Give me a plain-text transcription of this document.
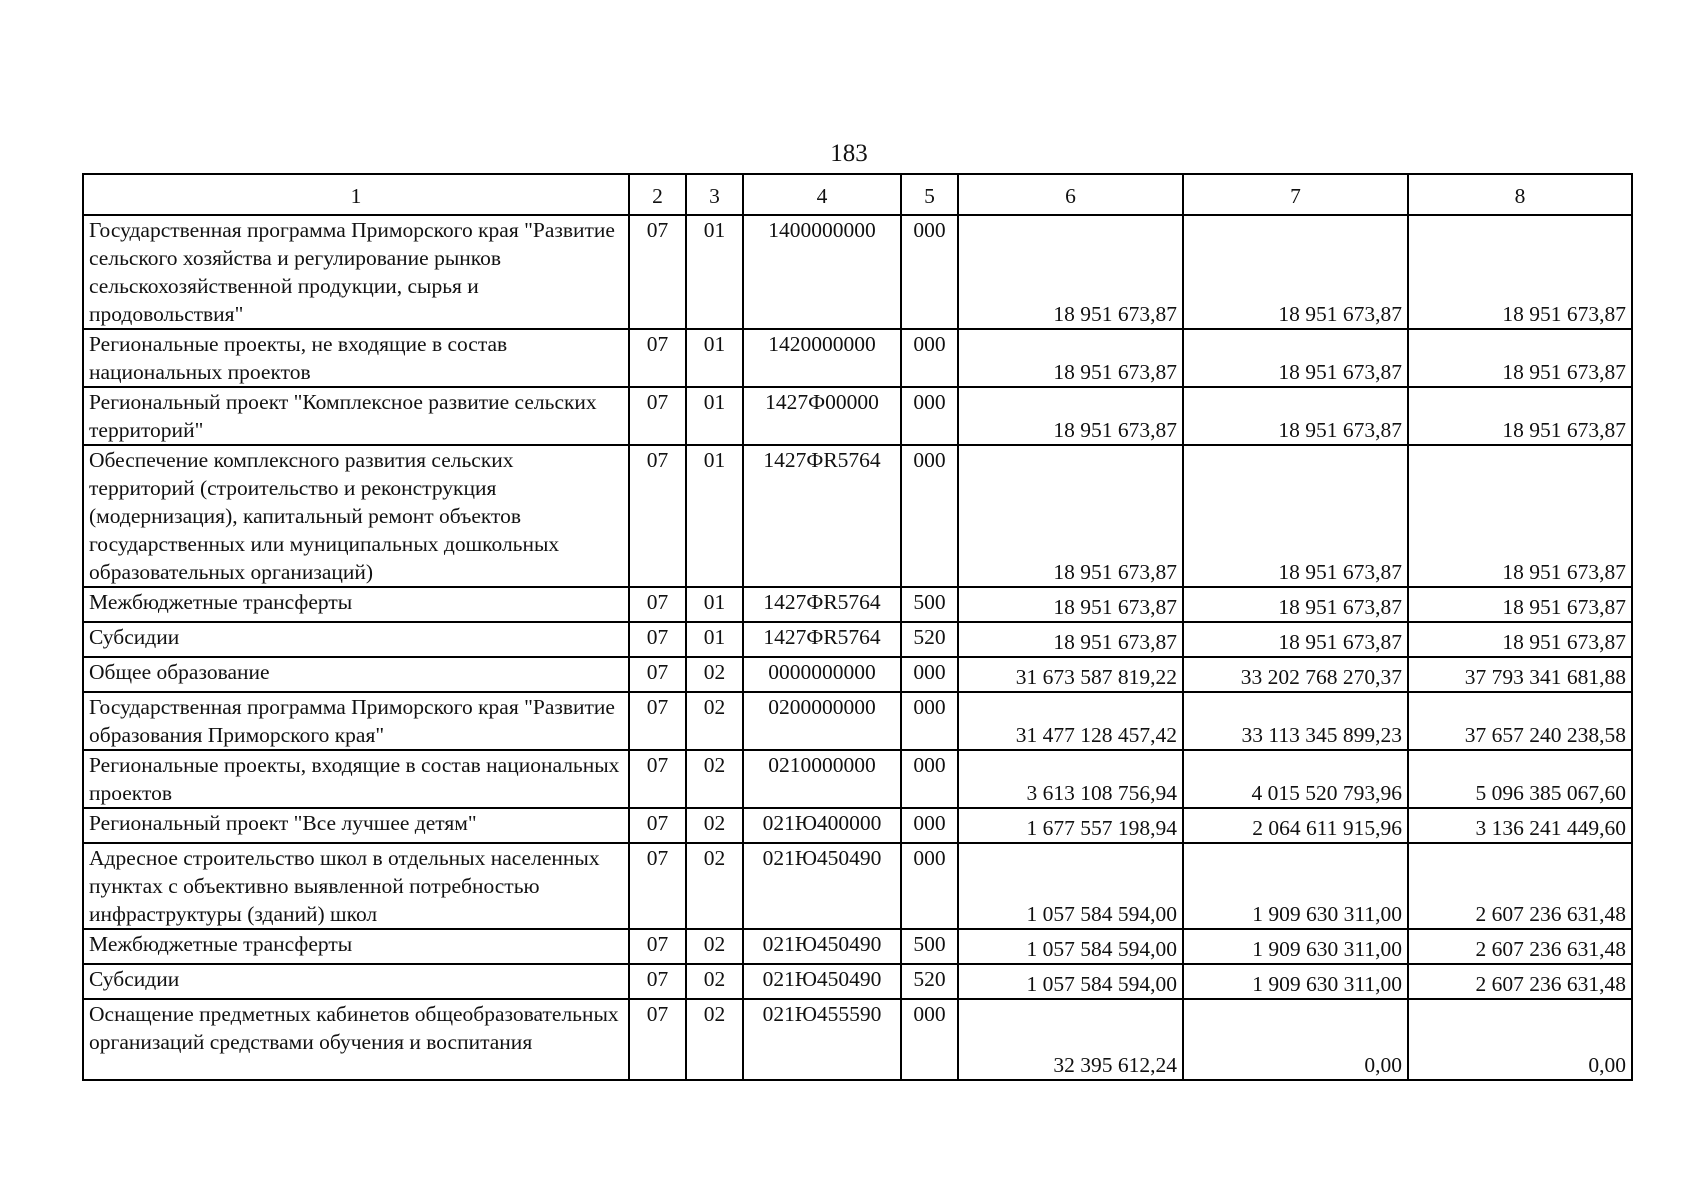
183
1	2	3	4	5	6	7	8
Государственная программа Приморского края "Развитие сельского хозяйства и регулирование рынков сельскохозяйственной продукции, сырья и продовольствия"	07	01	1400000000	000	18 951 673,87	18 951 673,87	18 951 673,87
Региональные проекты, не входящие в состав национальных проектов	07	01	1420000000	000	18 951 673,87	18 951 673,87	18 951 673,87
Региональный проект "Комплексное развитие сельских территорий"	07	01	1427Ф00000	000	18 951 673,87	18 951 673,87	18 951 673,87
Обеспечение комплексного развития сельских территорий (строительство и реконструкция (модернизация), капитальный ремонт объектов государственных или муниципальных дошкольных образовательных организаций)	07	01	1427ФR5764	000	18 951 673,87	18 951 673,87	18 951 673,87
Межбюджетные трансферты	07	01	1427ФR5764	500	18 951 673,87	18 951 673,87	18 951 673,87
Субсидии	07	01	1427ФR5764	520	18 951 673,87	18 951 673,87	18 951 673,87
Общее образование	07	02	0000000000	000	31 673 587 819,22	33 202 768 270,37	37 793 341 681,88
Государственная программа Приморского края "Развитие образования Приморского края"	07	02	0200000000	000	31 477 128 457,42	33 113 345 899,23	37 657 240 238,58
Региональные проекты, входящие в состав национальных проектов	07	02	0210000000	000	3 613 108 756,94	4 015 520 793,96	5 096 385 067,60
Региональный проект "Все лучшее детям"	07	02	021Ю400000	000	1 677 557 198,94	2 064 611 915,96	3 136 241 449,60
Адресное строительство школ в отдельных населенных пунктах с объективно выявленной потребностью инфраструктуры (зданий) школ	07	02	021Ю450490	000	1 057 584 594,00	1 909 630 311,00	2 607 236 631,48
Межбюджетные трансферты	07	02	021Ю450490	500	1 057 584 594,00	1 909 630 311,00	2 607 236 631,48
Субсидии	07	02	021Ю450490	520	1 057 584 594,00	1 909 630 311,00	2 607 236 631,48
Оснащение предметных кабинетов общеобразовательных организаций средствами обучения и воспитания	07	02	021Ю455590	000	32 395 612,24	0,00	0,00
